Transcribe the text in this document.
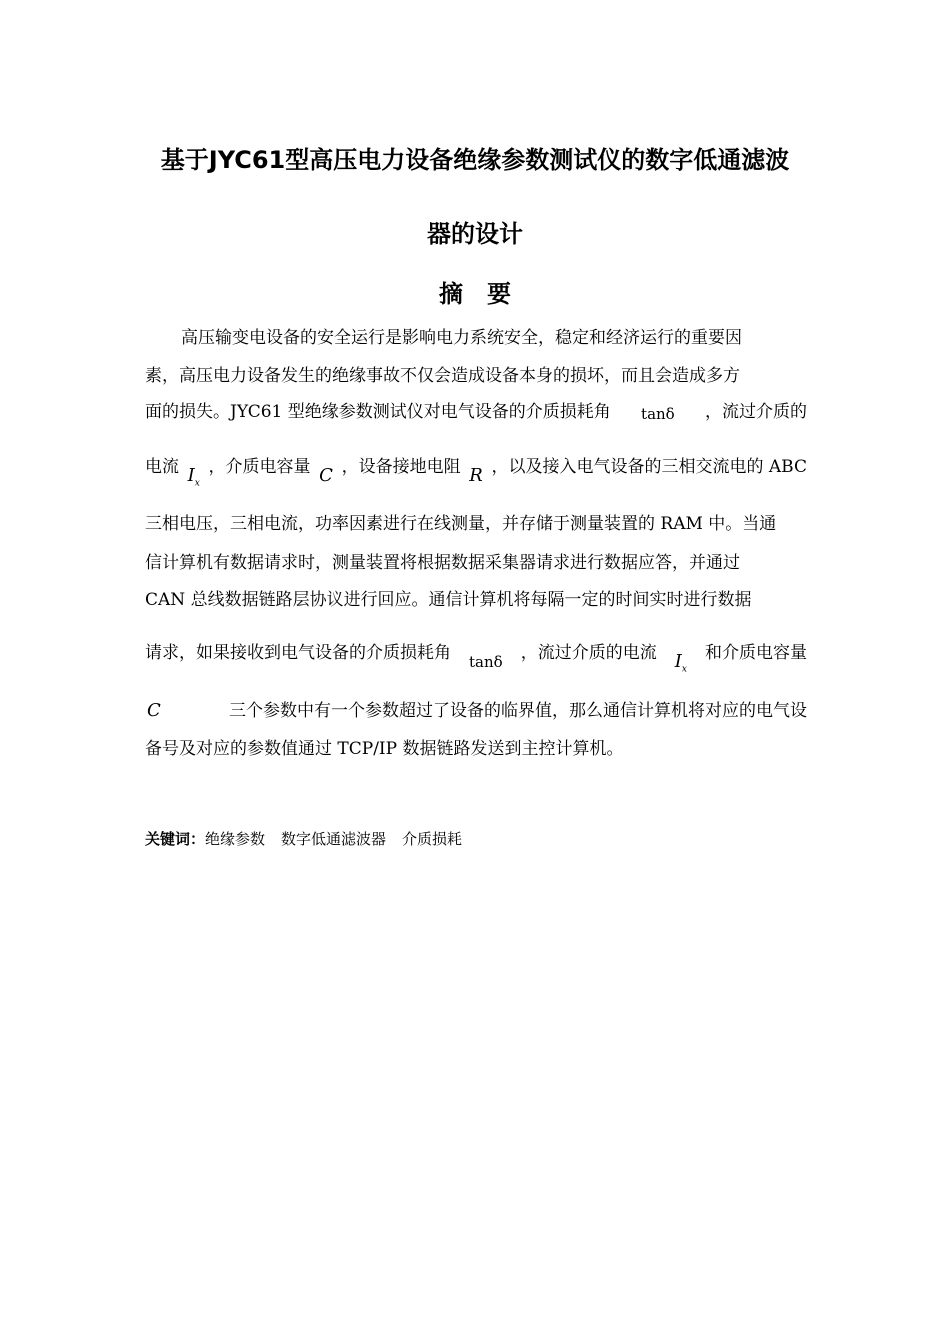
基于JYC61型高压电力设备绝缘参数测试仪的数字低通滤波
器的设计
摘要
高压输变电设备的安全运行是影响电力系统安全，稳定和经济运行的重要因
素，高压电力设备发生的绝缘事故不仅会造成设备本身的损坏，而且会造成多方
面的损失。JYC61 型绝缘参数测试仪对电气设备的介质损耗角 tanδ ，流过介质的
电流 $I_x$
，介质电容量 C ，设备接地电阻 R ，以及接入电气设备的三相交流电的 ABC
三相电压，三相电流，功率因素进行在线测量，并存储于测量装置的 RAM 中。当通
信计算机有数据请求时，测量装置将根据数据采集器请求进行数据应答，并通过
CAN 总线数据链路层协议进行回应。通信计算机将每隔一定的时间实时进行数据
请求，如果接收到电气设备的介质损耗角 tanδ ，流过介质的电流 $I_x$
和介质电容量
C	三个参数中有一个参数超过了设备的临界值，那么通信计算机将对应的电气设
备号及对应的参数值通过 TCP/IP 数据链路发送到主控计算机。
关键词：绝缘参数 数字低通滤波器 介质损耗
